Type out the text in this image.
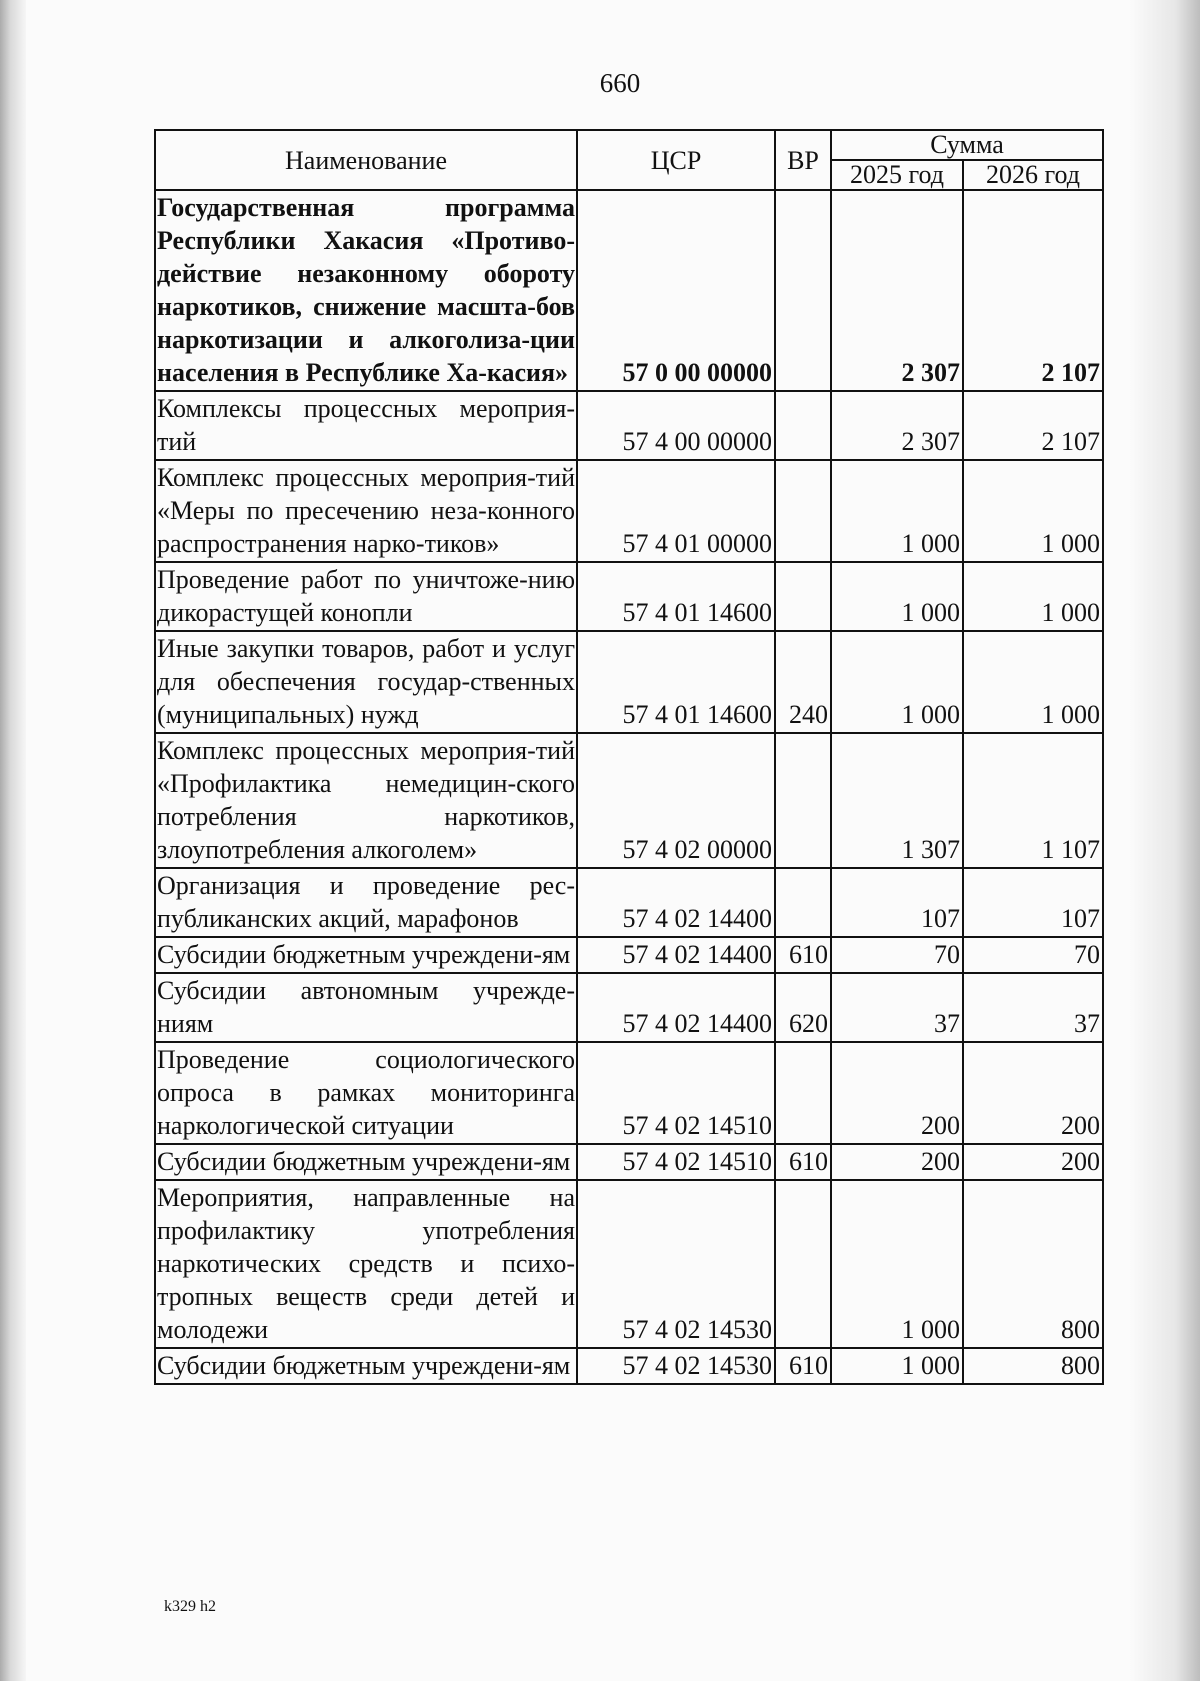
660
Наименование	ЦСР	ВР	Сумма	
			2025 год	2026 год
Государственная программа Республики Хакасия «Противо-действие незаконному обороту наркотиков, снижение масшта-бов наркотизации и алкоголиза-ции населения в Республике Ха-касия»	57 0 00 00000		2 307	2 107
Комплексы процессных мероприя-тий	57 4 00 00000		2 307	2 107
Комплекс процессных мероприя-тий «Меры по пресечению неза-конного распространения нарко-тиков»	57 4 01 00000		1 000	1 000
Проведение работ по уничтоже-нию дикорастущей конопли	57 4 01 14600		1 000	1 000
Иные закупки товаров, работ и услуг для обеспечения государ-ственных (муниципальных) нужд	57 4 01 14600	240	1 000	1 000
Комплекс процессных мероприя-тий «Профилактика немедицин-ского потребления наркотиков, злоупотребления алкоголем»	57 4 02 00000		1 307	1 107
Организация и проведение рес-публиканских акций, марафонов	57 4 02 14400		107	107
Субсидии бюджетным учреждени-ям	57 4 02 14400	610	70	70
Субсидии автономным учрежде-ниям	57 4 02 14400	620	37	37
Проведение социологического опроса в рамках мониторинга наркологической ситуации	57 4 02 14510		200	200
Субсидии бюджетным учреждени-ям	57 4 02 14510	610	200	200
Мероприятия, направленные на профилактику употребления наркотических средств и психо-тропных веществ среди детей и молодежи	57 4 02 14530		1 000	800
Субсидии бюджетным учреждени-ям	57 4 02 14530	610	1 000	800
k329 h2
